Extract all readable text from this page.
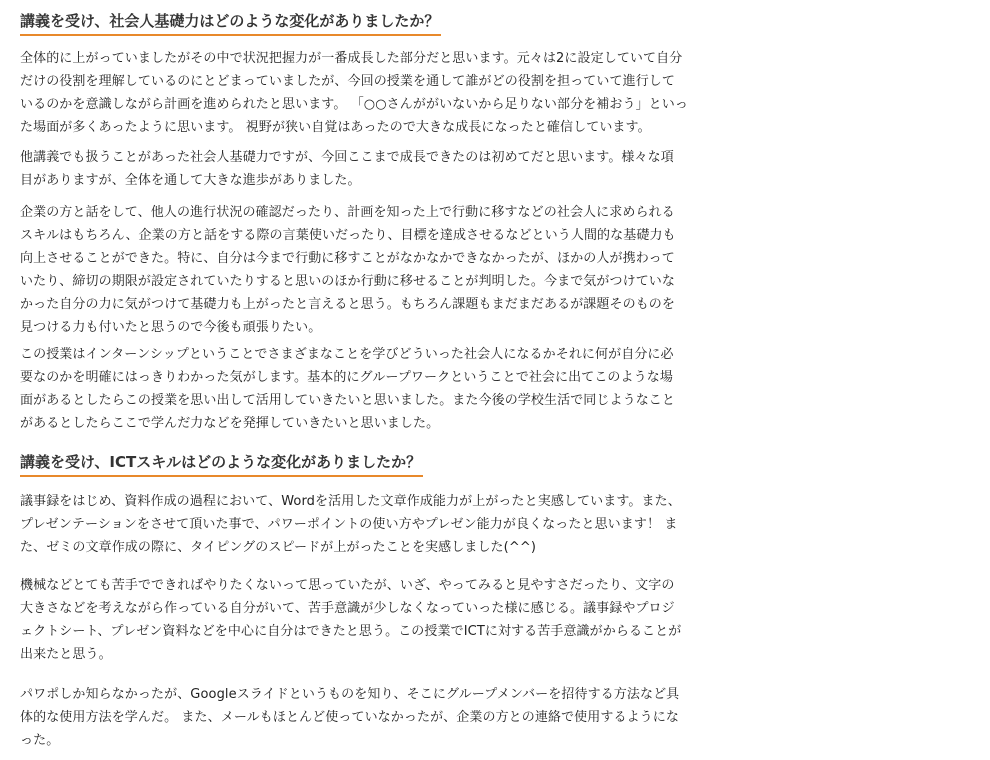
講義を受け、社会人基礎力はどのような変化がありましたか？

全体的に上がっていましたがその中で状況把握力が一番成長した部分だと思います。元々は2に設定していて自分
だけの役割を理解しているのにとどまっていましたが、今回の授業を通して誰がどの役割を担っていて進行して
いるのかを意識しながら計画を進められたと思います。 「○○さんががいないから足りない部分を補おう」といっ
た場面が多くあったように思います。 視野が狭い自覚はあったので大きな成長になったと確信しています。

他講義でも扱うことがあった社会人基礎力ですが、今回ここまで成長できたのは初めてだと思います。様々な項
目がありますが、全体を通して大きな進歩がありました。

企業の方と話をして、他人の進行状況の確認だったり、計画を知った上で行動に移すなどの社会人に求められる
スキルはもちろん、企業の方と話をする際の言葉使いだったり、目標を達成させるなどという人間的な基礎力も
向上させることができた。特に、自分は今まで行動に移すことがなかなかできなかったが、ほかの人が携わって
いたり、締切の期限が設定されていたりすると思いのほか行動に移せることが判明した。今まで気がつけていな
かった自分の力に気がつけて基礎力も上がったと言えると思う。もちろん課題もまだまだあるが課題そのものを
見つける力も付いたと思うので今後も頑張りたい。

この授業はインターンシップということでさまざまなことを学びどういった社会人になるかそれに何が自分に必
要なのかを明確にはっきりわかった気がします。基本的にグループワークということで社会に出てこのような場
面があるとしたらこの授業を思い出して活用していきたいと思いました。また今後の学校生活で同じようなこと
があるとしたらここで学んだ力などを発揮していきたいと思いました。

講義を受け、ICTスキルはどのような変化がありましたか？

議事録をはじめ、資料作成の過程において、Wordを活用した文章作成能力が上がったと実感しています。また、
プレゼンテーションをさせて頂いた事で、パワーポイントの使い方やプレゼン能力が良くなったと思います！ ま
た、ゼミの文章作成の際に、タイピングのスピードが上がったことを実感しました(^^)

機械などとても苦手でできればやりたくないって思っていたが、いざ、やってみると見やすさだったり、文字の
大きさなどを考えながら作っている自分がいて、苦手意識が少しなくなっていった様に感じる。議事録やプロジ
ェクトシート、プレゼン資料などを中心に自分はできたと思う。この授業でICTに対する苦手意識がからることが
出来たと思う。

パワポしか知らなかったが、Googleスライドというものを知り、そこにグループメンバーを招待する方法など具
体的な使用方法を学んだ。 また、メールもほとんど使っていなかったが、企業の方との連絡で使用するようにな
った。
